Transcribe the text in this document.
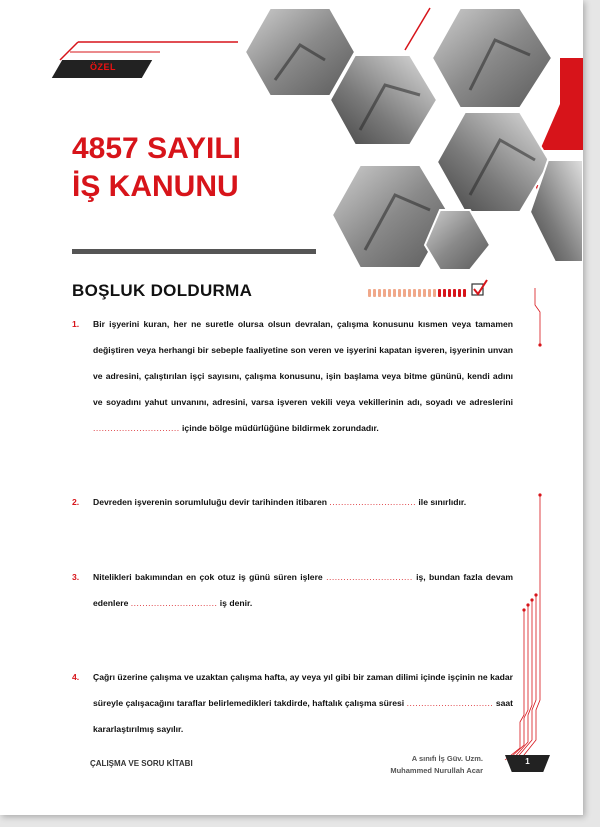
ÖZEL
4857 SAYILI
İŞ KANUNU
BOŞLUK DOLDURMA
1. Bir işyerini kuran, her ne suretle olursa olsun devralan, çalışma konusunu kısmen veya tamamen değiştiren veya herhangi bir sebeple faaliyetine son veren ve işyerini kapatan işveren, işyerinin unvan ve adresini, çalıştırılan işçi sayısını, çalışma konusunu, işin başlama veya bitme gününü, kendi adını ve soyadını yahut unvanını, adresini, varsa işveren vekili veya vekillerinin adı, soyadı ve adreslerini .............................. içinde bölge müdürlüğüne bildirmek zorundadır.
2. Devreden işverenin sorumluluğu devir tarihinden itibaren .............................. ile sınırlıdır.
3. Nitelikleri bakımından en çok otuz iş günü süren işlere .............................. iş, bundan fazla devam edenlere .............................. iş denir.
4. Çağrı üzerine çalışma ve uzaktan çalışma hafta, ay veya yıl gibi bir zaman dilimi içinde işçinin ne kadar süreyle çalışacağını taraflar belirlemedikleri takdirde, haftalık çalışma süresi .............................. saat kararlaştırılmış sayılır.
ÇALIŞMA VE SORU KİTABI
A sınıfı İş Güv. Uzm.
Muhammed Nurullah Acar
1
